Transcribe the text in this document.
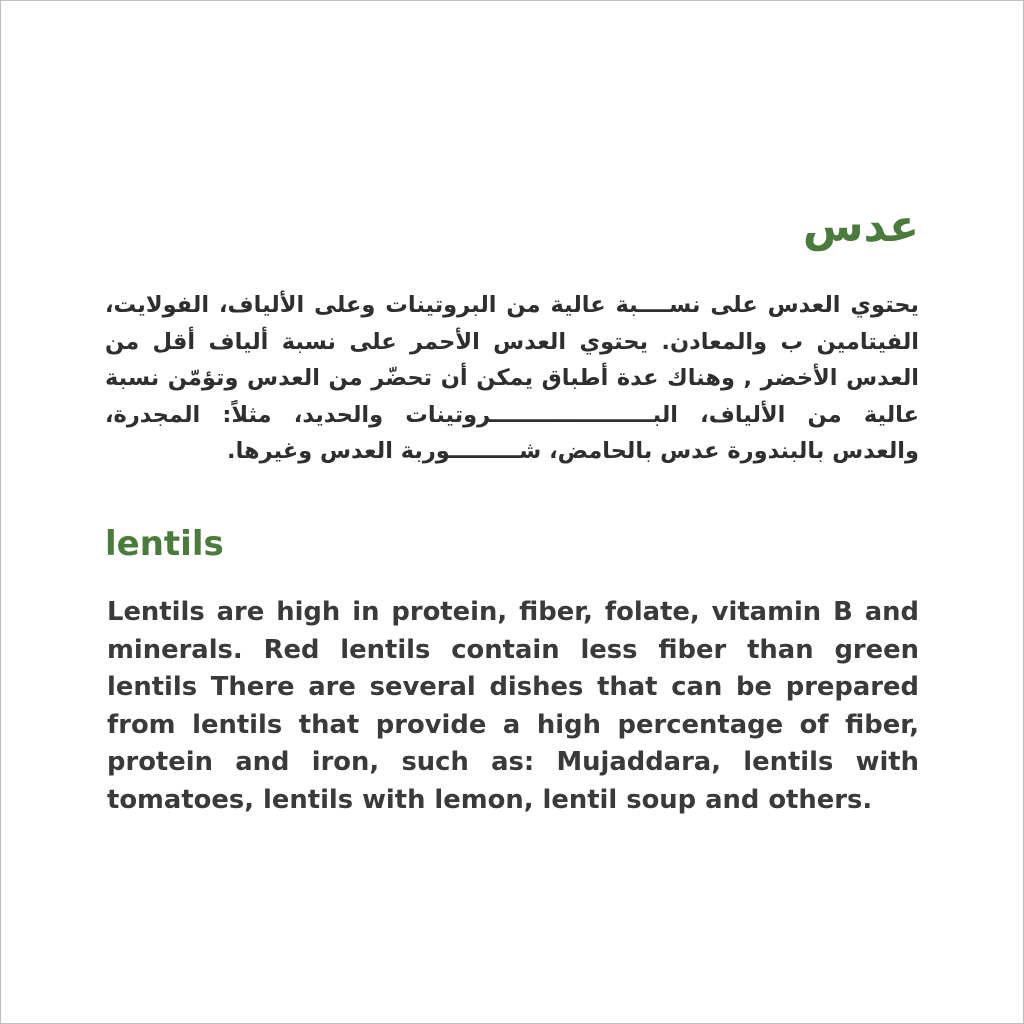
عدس

يحتوي العدس على نســــبة عالية من البروتينات وعلى الألياف، الفولايت، الفيتامين ب والمعادن. يحتوي العدس الأحمر على نسبة ألياف أقل من العدس الأخضر , وهناك عدة أطباق يمكن أن تحضّر من العدس وتؤمّن نسبة عالية من الألياف، البـــــــــــــــــــــروتينات والحديد، مثلاً: المجدرة، والعدس بالبندورة عدس بالحامض، شـــــــــوربة العدس وغيرها.

lentils

Lentils are high in protein, fiber, folate, vitamin B and minerals. Red lentils contain less fiber than green lentils There are several dishes that can be prepared from lentils that provide a high percentage of fiber, protein and iron, such as: Mujaddara, lentils with tomatoes, lentils with lemon, lentil soup and others.
